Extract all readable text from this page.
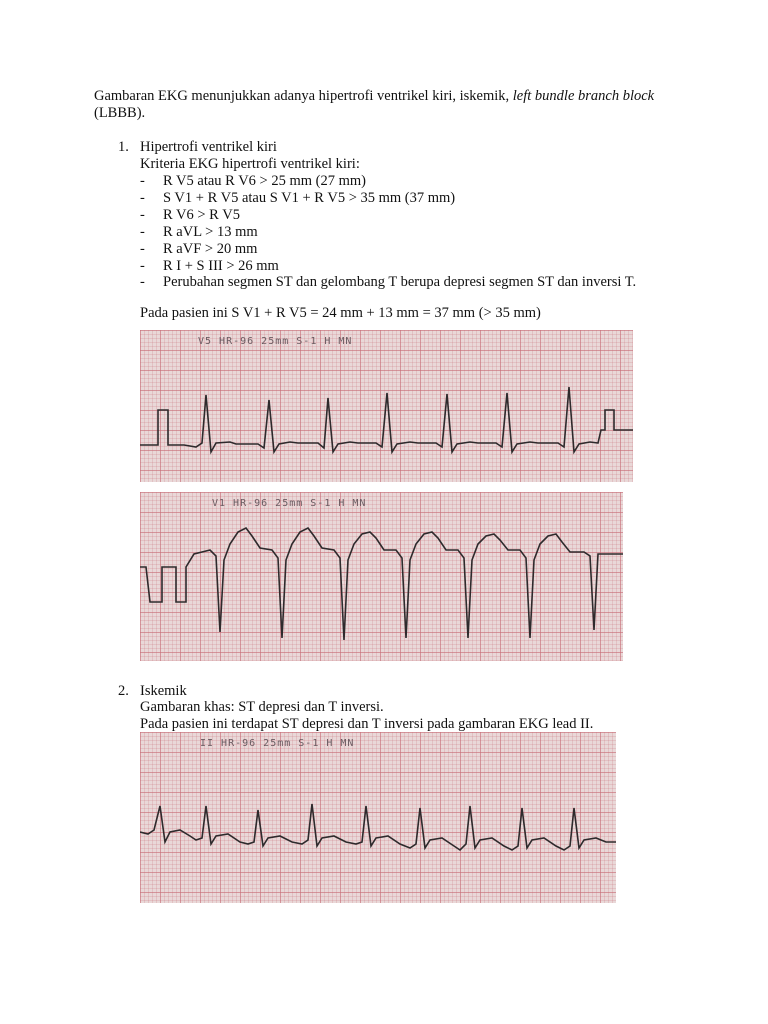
Gambaran EKG menunjukkan adanya hipertrofi ventrikel kiri, iskemik, left bundle branch block (LBBB).
1. Hipertrofi ventrikel kiri
Kriteria EKG hipertrofi ventrikel kiri:
- R V5 atau R V6 > 25 mm (27 mm)
- S V1 + R V5 atau S V1 + R V5 > 35 mm (37 mm)
- R V6 > R V5
- R aVL > 13 mm
- R aVF > 20 mm
- R I + S III > 26 mm
- Perubahan segmen ST dan gelombang T berupa depresi segmen ST dan inversi T.
Pada pasien ini S V1 + R V5 = 24 mm + 13 mm = 37 mm (> 35 mm)
V5 HR-96 25mm S-1 H MN
V1 HR-96 25mm S-1 H MN
2. Iskemik
Gambaran khas: ST depresi dan T inversi.
Pada pasien ini terdapat ST depresi dan T inversi pada gambaran EKG lead II.
II HR-96 25mm S-1 H MN
